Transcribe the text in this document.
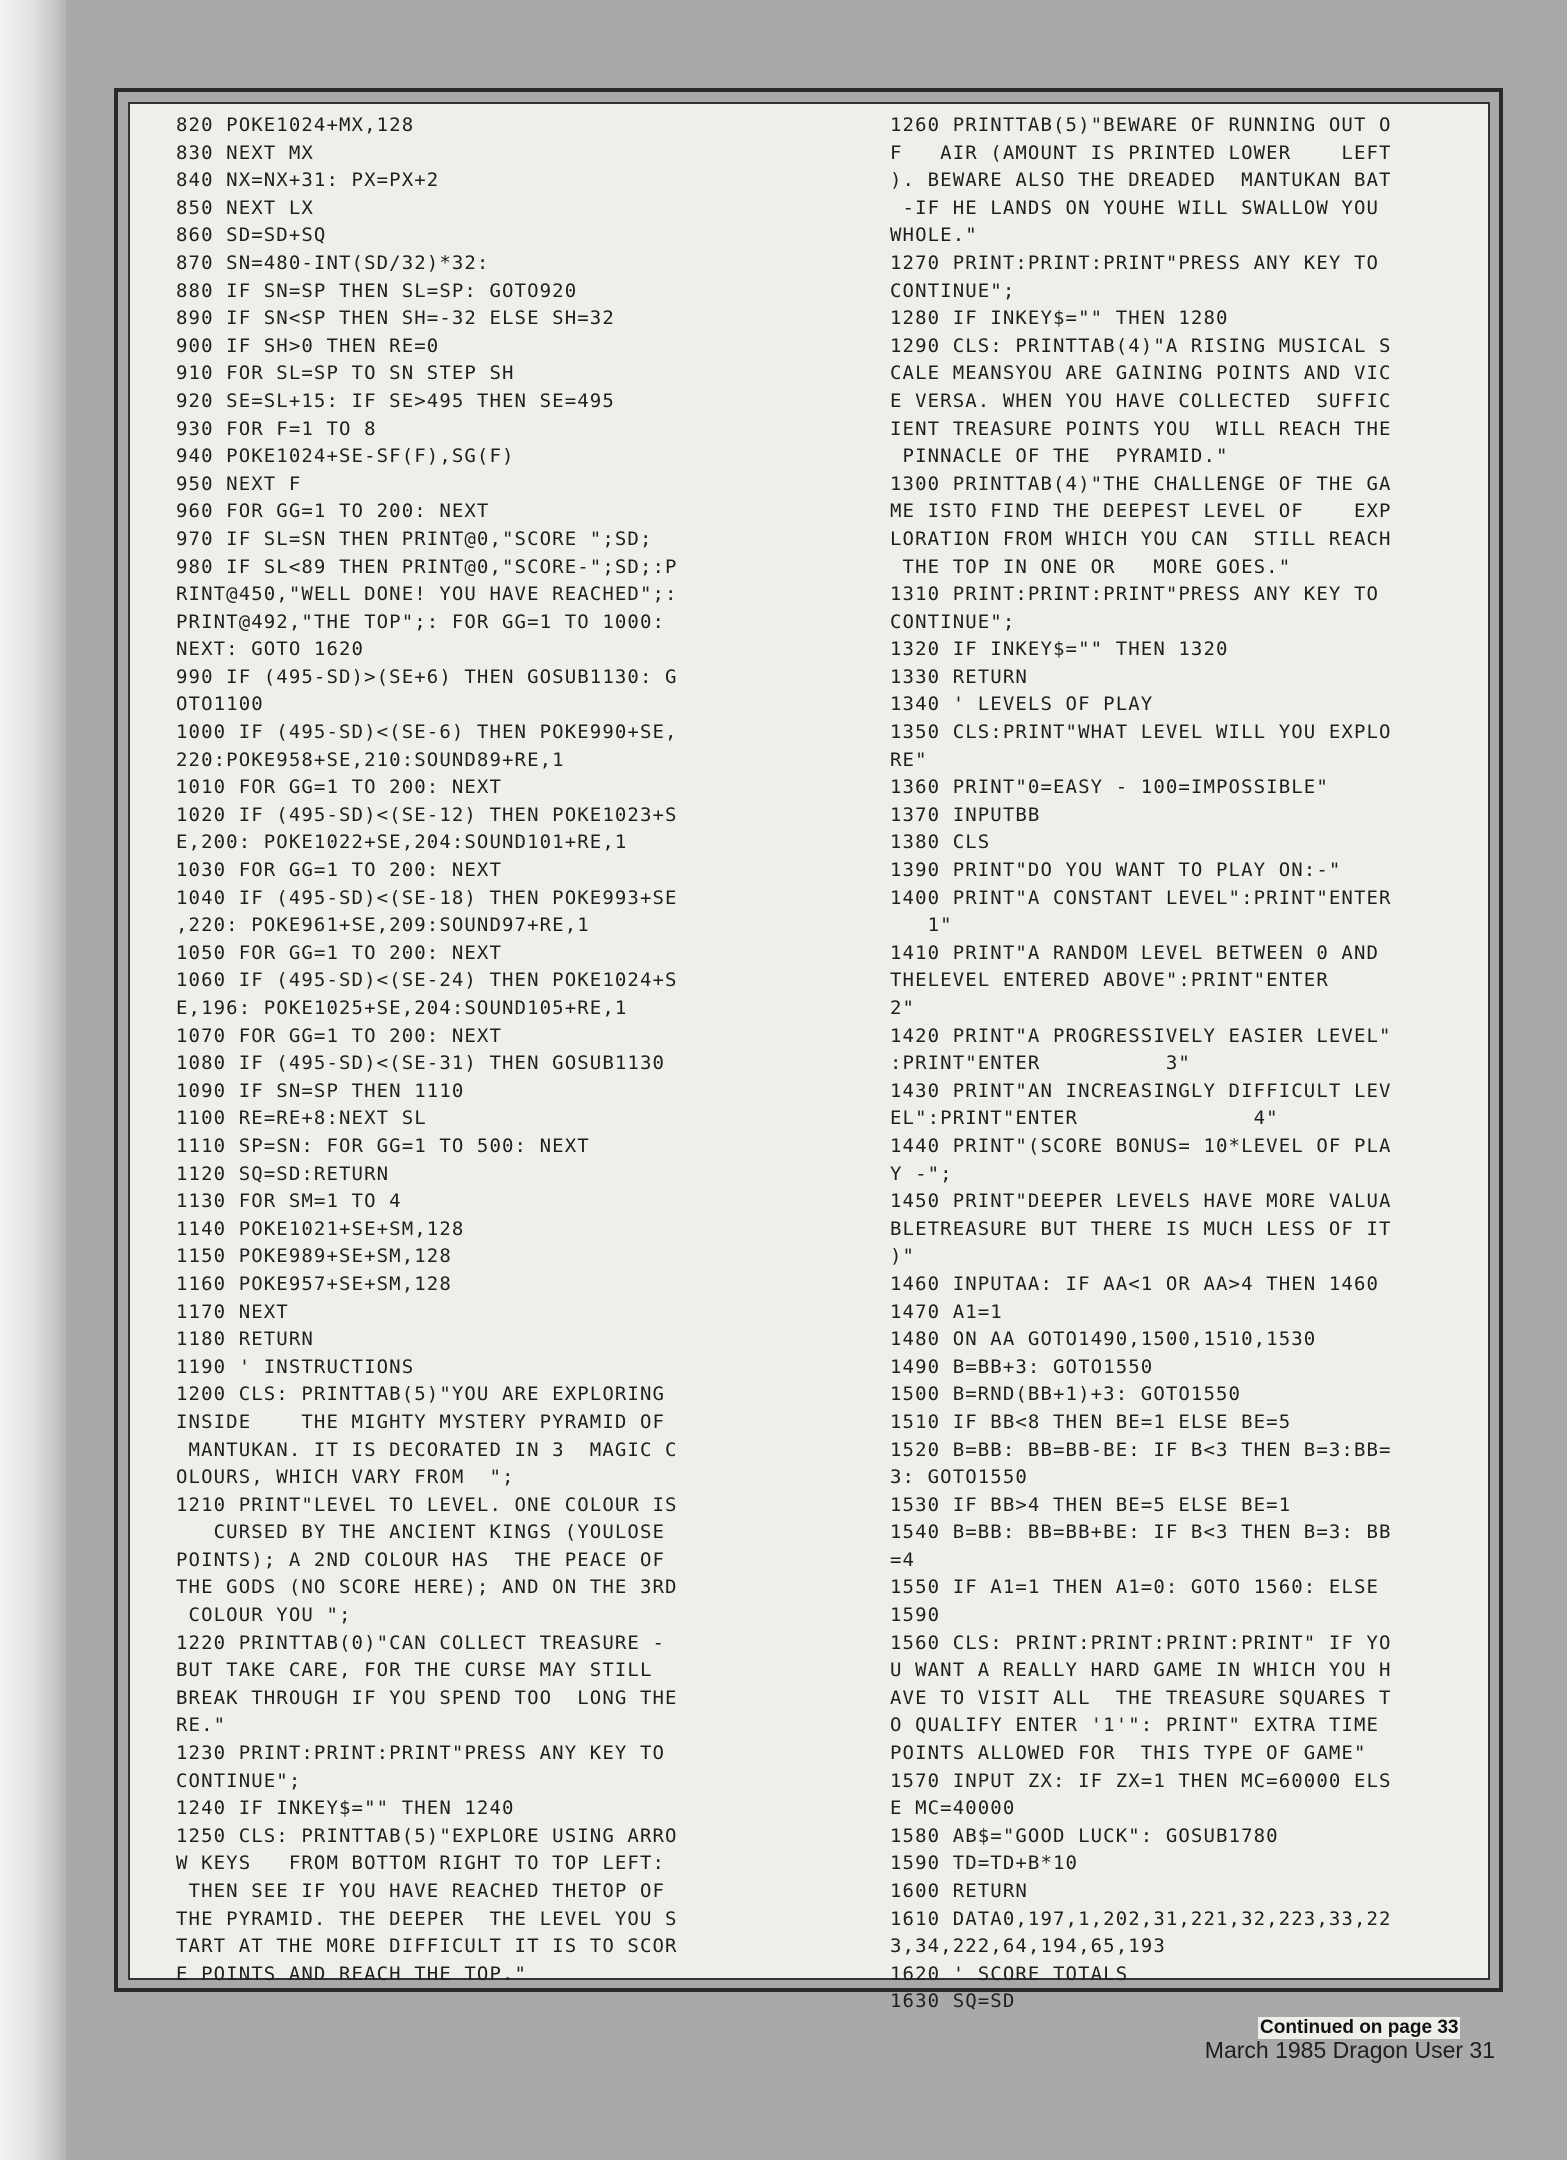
820 POKE1024+MX,128
830 NEXT MX
840 NX=NX+31: PX=PX+2
850 NEXT LX
860 SD=SD+SQ
870 SN=480-INT(SD/32)*32:
880 IF SN=SP THEN SL=SP: GOTO920
890 IF SN<SP THEN SH=-32 ELSE SH=32
900 IF SH>0 THEN RE=0
910 FOR SL=SP TO SN STEP SH
920 SE=SL+15: IF SE>495 THEN SE=495
930 FOR F=1 TO 8
940 POKE1024+SE-SF(F),SG(F)
950 NEXT F
960 FOR GG=1 TO 200: NEXT
970 IF SL=SN THEN PRINT@0,"SCORE ";SD;
980 IF SL<89 THEN PRINT@0,"SCORE-";SD;:P
RINT@450,"WELL DONE! YOU HAVE REACHED";:
PRINT@492,"THE TOP";: FOR GG=1 TO 1000:
NEXT: GOTO 1620
990 IF (495-SD)>(SE+6) THEN GOSUB1130: G
OTO1100
1000 IF (495-SD)<(SE-6) THEN POKE990+SE,
220:POKE958+SE,210:SOUND89+RE,1
1010 FOR GG=1 TO 200: NEXT
1020 IF (495-SD)<(SE-12) THEN POKE1023+S
E,200: POKE1022+SE,204:SOUND101+RE,1
1030 FOR GG=1 TO 200: NEXT
1040 IF (495-SD)<(SE-18) THEN POKE993+SE
,220: POKE961+SE,209:SOUND97+RE,1
1050 FOR GG=1 TO 200: NEXT
1060 IF (495-SD)<(SE-24) THEN POKE1024+S
E,196: POKE1025+SE,204:SOUND105+RE,1
1070 FOR GG=1 TO 200: NEXT
1080 IF (495-SD)<(SE-31) THEN GOSUB1130
1090 IF SN=SP THEN 1110
1100 RE=RE+8:NEXT SL
1110 SP=SN: FOR GG=1 TO 500: NEXT
1120 SQ=SD:RETURN
1130 FOR SM=1 TO 4
1140 POKE1021+SE+SM,128
1150 POKE989+SE+SM,128
1160 POKE957+SE+SM,128
1170 NEXT
1180 RETURN
1190 ' INSTRUCTIONS
1200 CLS: PRINTTAB(5)"YOU ARE EXPLORING
INSIDE    THE MIGHTY MYSTERY PYRAMID OF
MANTUKAN. IT IS DECORATED IN 3  MAGIC C
OLOURS, WHICH VARY FROM  ";
1210 PRINT"LEVEL TO LEVEL. ONE COLOUR IS
CURSED BY THE ANCIENT KINGS (YOULOSE
POINTS); A 2ND COLOUR HAS  THE PEACE OF
THE GODS (NO SCORE HERE); AND ON THE 3RD
COLOUR YOU ";
1220 PRINTTAB(0)"CAN COLLECT TREASURE -
BUT TAKE CARE, FOR THE CURSE MAY STILL
BREAK THROUGH IF YOU SPEND TOO  LONG THE
RE."
1230 PRINT:PRINT:PRINT"PRESS ANY KEY TO
CONTINUE";
1240 IF INKEY$="" THEN 1240
1250 CLS: PRINTTAB(5)"EXPLORE USING ARRO
W KEYS   FROM BOTTOM RIGHT TO TOP LEFT:
THEN SEE IF YOU HAVE REACHED THETOP OF
THE PYRAMID. THE DEEPER  THE LEVEL YOU S
TART AT THE MORE DIFFICULT IT IS TO SCOR
E POINTS AND REACH THE TOP."
1260 PRINTTAB(5)"BEWARE OF RUNNING OUT O
F   AIR (AMOUNT IS PRINTED LOWER    LEFT
). BEWARE ALSO THE DREADED  MANTUKAN BAT
-IF HE LANDS ON YOUHE WILL SWALLOW YOU
WHOLE."
1270 PRINT:PRINT:PRINT"PRESS ANY KEY TO
CONTINUE";
1280 IF INKEY$="" THEN 1280
1290 CLS: PRINTTAB(4)"A RISING MUSICAL S
CALE MEANSYOU ARE GAINING POINTS AND VIC
E VERSA. WHEN YOU HAVE COLLECTED  SUFFIC
IENT TREASURE POINTS YOU  WILL REACH THE
PINNACLE OF THE  PYRAMID."
1300 PRINTTAB(4)"THE CHALLENGE OF THE GA
ME ISTO FIND THE DEEPEST LEVEL OF    EXP
LORATION FROM WHICH YOU CAN  STILL REACH
THE TOP IN ONE OR   MORE GOES."
1310 PRINT:PRINT:PRINT"PRESS ANY KEY TO
CONTINUE";
1320 IF INKEY$="" THEN 1320
1330 RETURN
1340 ' LEVELS OF PLAY
1350 CLS:PRINT"WHAT LEVEL WILL YOU EXPLO
RE"
1360 PRINT"0=EASY - 100=IMPOSSIBLE"
1370 INPUTBB
1380 CLS
1390 PRINT"DO YOU WANT TO PLAY ON:-"
1400 PRINT"A CONSTANT LEVEL":PRINT"ENTER
1"
1410 PRINT"A RANDOM LEVEL BETWEEN 0 AND
THELEVEL ENTERED ABOVE":PRINT"ENTER
2"
1420 PRINT"A PROGRESSIVELY EASIER LEVEL"
:PRINT"ENTER          3"
1430 PRINT"AN INCREASINGLY DIFFICULT LEV
EL":PRINT"ENTER              4"
1440 PRINT"(SCORE BONUS= 10*LEVEL OF PLA
Y -";
1450 PRINT"DEEPER LEVELS HAVE MORE VALUA
BLETREASURE BUT THERE IS MUCH LESS OF IT
)"
1460 INPUTAA: IF AA<1 OR AA>4 THEN 1460
1470 A1=1
1480 ON AA GOTO1490,1500,1510,1530
1490 B=BB+3: GOTO1550
1500 B=RND(BB+1)+3: GOTO1550
1510 IF BB<8 THEN BE=1 ELSE BE=5
1520 B=BB: BB=BB-BE: IF B<3 THEN B=3:BB=
3: GOTO1550
1530 IF BB>4 THEN BE=5 ELSE BE=1
1540 B=BB: BB=BB+BE: IF B<3 THEN B=3: BB
=4
1550 IF A1=1 THEN A1=0: GOTO 1560: ELSE
1590
1560 CLS: PRINT:PRINT:PRINT:PRINT" IF YO
U WANT A REALLY HARD GAME IN WHICH YOU H
AVE TO VISIT ALL  THE TREASURE SQUARES T
O QUALIFY ENTER '1'": PRINT" EXTRA TIME
POINTS ALLOWED FOR  THIS TYPE OF GAME"
1570 INPUT ZX: IF ZX=1 THEN MC=60000 ELS
E MC=40000
1580 AB$="GOOD LUCK": GOSUB1780
1590 TD=TD+B*10
1600 RETURN
1610 DATA0,197,1,202,31,221,32,223,33,22
3,34,222,64,194,65,193
1620 ' SCORE TOTALS
1630 SQ=SD
Continued on page 33
March 1985 Dragon User 31
